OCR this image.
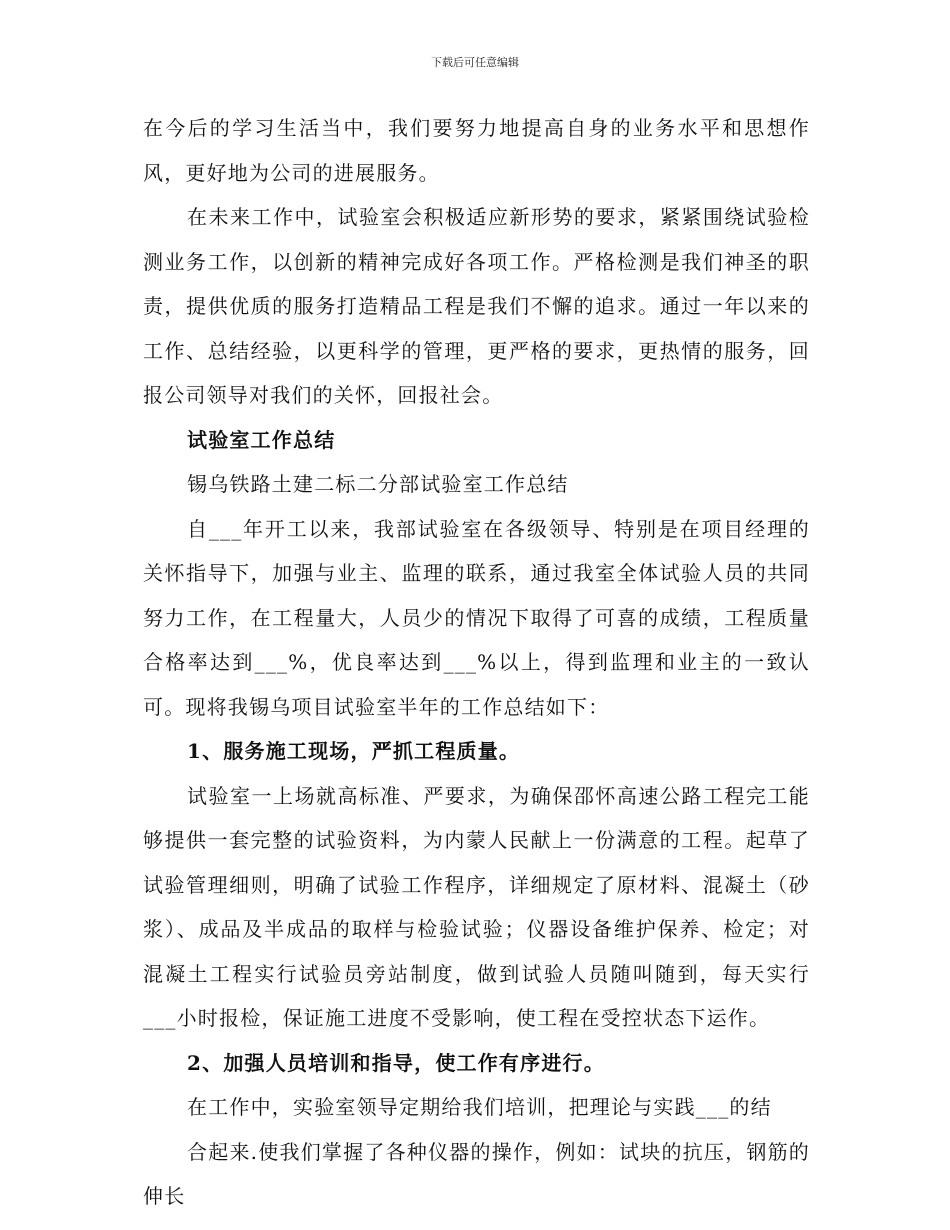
下载后可任意编辑

在今后的学习生活当中，我们要努力地提高自身的业务水平和思想作风，更好地为公司的进展服务。

在未来工作中，试验室会积极适应新形势的要求，紧紧围绕试验检测业务工作，以创新的精神完成好各项工作。严格检测是我们神圣的职责，提供优质的服务打造精品工程是我们不懈的追求。通过一年以来的工作、总结经验，以更科学的管理，更严格的要求，更热情的服务，回报公司领导对我们的关怀，回报社会。

试验室工作总结

锡乌铁路土建二标二分部试验室工作总结

自___年开工以来，我部试验室在各级领导、特别是在项目经理的关怀指导下，加强与业主、监理的联系，通过我室全体试验人员的共同努力工作，在工程量大，人员少的情况下取得了可喜的成绩，工程质量合格率达到___%，优良率达到___%以上，得到监理和业主的一致认可。现将我锡乌项目试验室半年的工作总结如下：

1、服务施工现场，严抓工程质量。

试验室一上场就高标准、严要求，为确保邵怀高速公路工程完工能够提供一套完整的试验资料，为内蒙人民献上一份满意的工程。起草了试验管理细则，明确了试验工作程序，详细规定了原材料、混凝土（砂浆）、成品及半成品的取样与检验试验；仪器设备维护保养、检定；对混凝土工程实行试验员旁站制度，做到试验人员随叫随到，每天实行___小时报检，保证施工进度不受影响，使工程在受控状态下运作。

2、加强人员培训和指导，使工作有序进行。

在工作中，实验室领导定期给我们培训，把理论与实践___的结

合起来.使我们掌握了各种仪器的操作，例如：试块的抗压，钢筋的伸长
